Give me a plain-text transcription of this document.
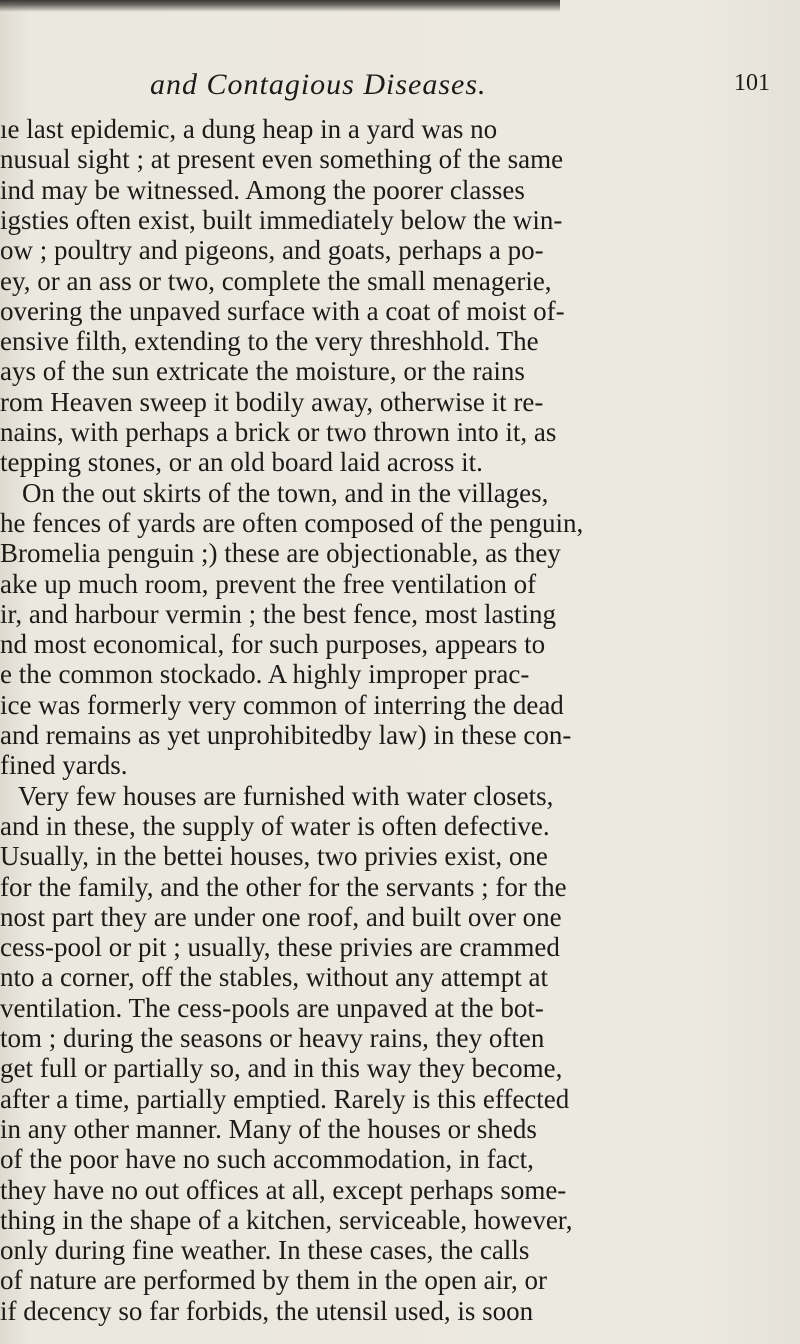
and Contagious Diseases.	101
ıe last epidemic, a dung heap in a yard was no
nusual sight ; at present even something of the same
ind may be witnessed. Among the poorer classes
igsties often exist, built immediately below the win-
ow ; poultry and pigeons, and goats, perhaps a po-
ey, or an ass or two, complete the small menagerie,
overing the unpaved surface with a coat of moist of-
ensive filth, extending to the very threshhold. The
ays of the sun extricate the moisture, or the rains
rom Heaven sweep it bodily away, otherwise it re-
nains, with perhaps a brick or two thrown into it, as
tepping stones, or an old board laid across it.
On the out skirts of the town, and in the villages,
he fences of yards are often composed of the penguin,
Bromelia penguin ;) these are objectionable, as they
ake up much room, prevent the free ventilation of
ir, and harbour vermin ; the best fence, most lasting
nd most economical, for such purposes, appears to
e the common stockado. A highly improper prac-
ice was formerly very common of interring the dead
and remains as yet unprohibitedby law) in these con-
fined yards.
Very few houses are furnished with water closets,
and in these, the supply of water is often defective.
Usually, in the bettei houses, two privies exist, one
for the family, and the other for the servants ; for the
nost part they are under one roof, and built over one
cess-pool or pit ; usually, these privies are crammed
nto a corner, off the stables, without any attempt at
ventilation. The cess-pools are unpaved at the bot-
tom ; during the seasons or heavy rains, they often
get full or partially so, and in this way they become,
after a time, partially emptied. Rarely is this effected
in any other manner. Many of the houses or sheds
of the poor have no such accommodation, in fact,
they have no out offices at all, except perhaps some-
thing in the shape of a kitchen, serviceable, however,
only during fine weather. In these cases, the calls
of nature are performed by them in the open air, or
if decency so far forbids, the utensil used, is soon
